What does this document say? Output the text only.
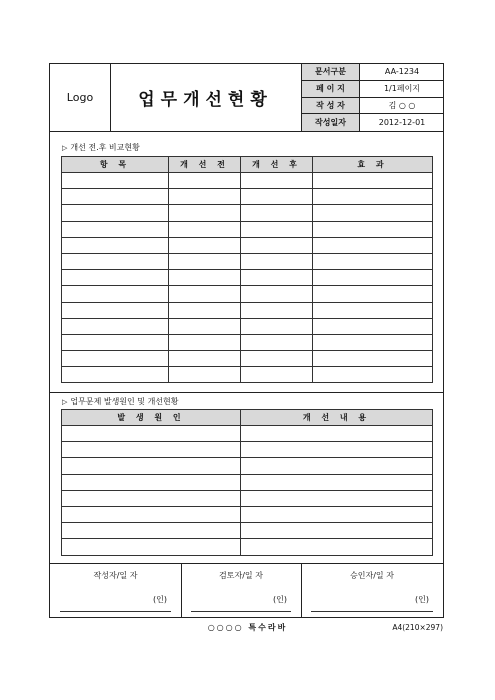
Logo	업무개선현황
문서구분	AA-1234
페 이 지	1/1페이지
작 성 자	김 ○ ○
작성일자	2012-12-01
▷ 개선 전.후 비교현황
항 목	개 선 전	개 선 후	효 과

▷ 업무문제 발생원인 및 개선현황
발 생 원 인	개 선 내 용

작성자/일 자
(인)
검토자/일 자
(인)
승인자/일 자
(인)
○○○○ 특수라바	A4(210×297)
